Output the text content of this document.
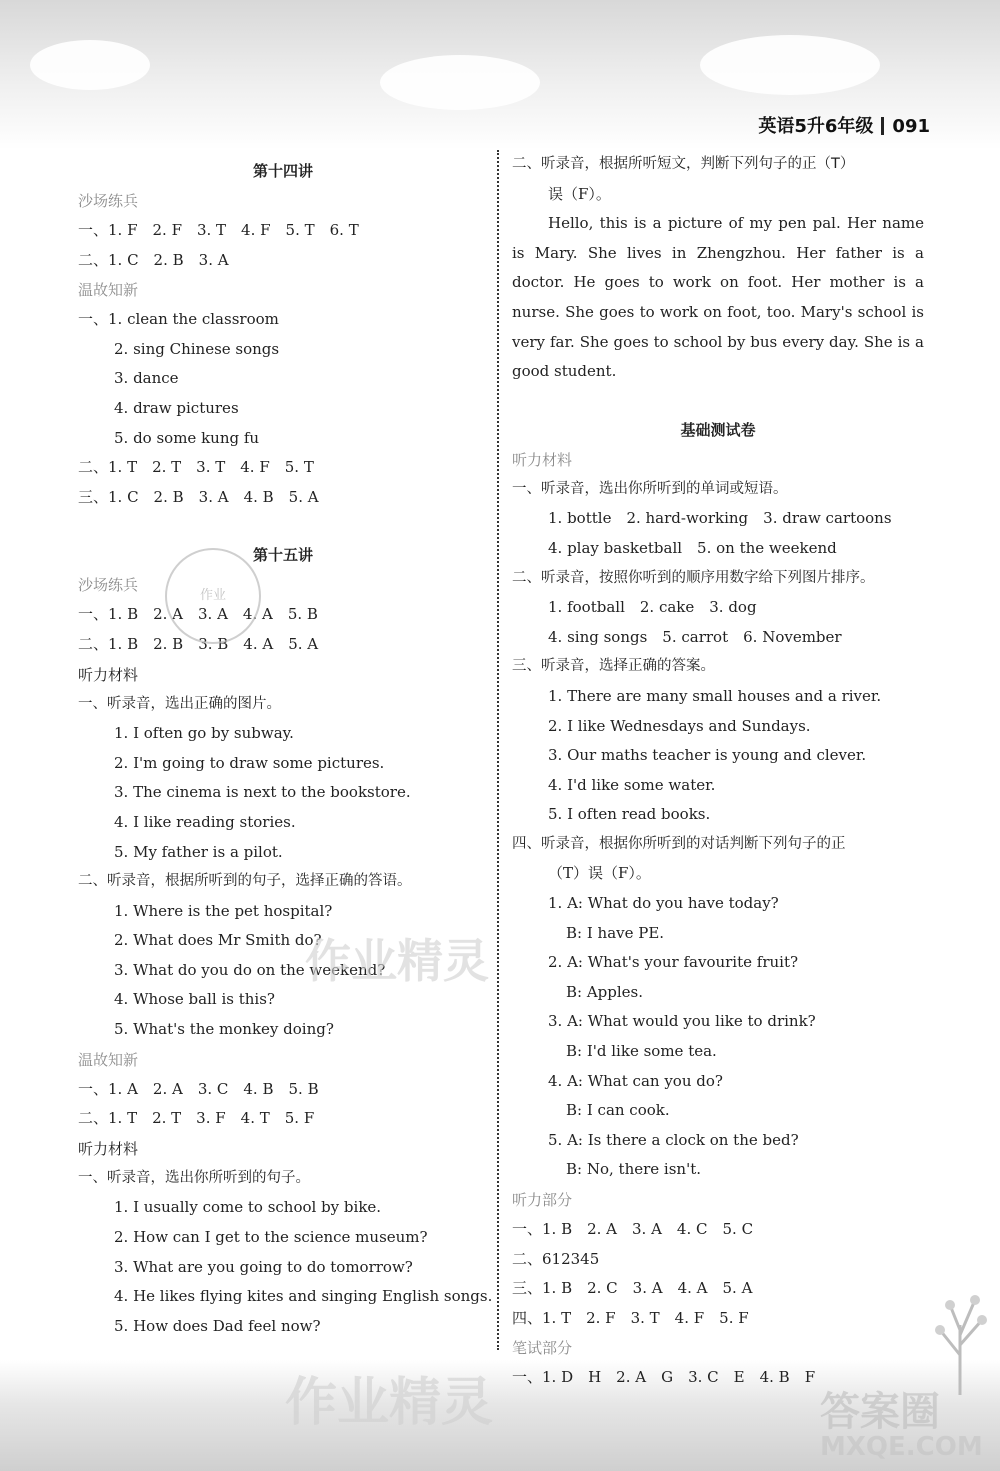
英语5升6年级 091
第十四讲
沙场练兵
一、1. F　2. F　3. T　4. F　5. T　6. T
二、1. C　2. B　3. A
温故知新
一、1. clean the classroom
2. sing Chinese songs
3. dance
4. draw pictures
5. do some kung fu
二、1. T　2. T　3. T　4. F　5. T
三、1. C　2. B　3. A　4. B　5. A
第十五讲
沙场练兵
一、1. B　2. A　3. A　4. A　5. B
二、1. B　2. B　3. B　4. A　5. A
听力材料
一、听录音，选出正确的图片。
1. I often go by subway.
2. I'm going to draw some pictures.
3. The cinema is next to the bookstore.
4. I like reading stories.
5. My father is a pilot.
二、听录音，根据所听到的句子，选择正确的答语。
1. Where is the pet hospital?
2. What does Mr Smith do?
3. What do you do on the weekend?
4. Whose ball is this?
5. What's the monkey doing?
温故知新
一、1. A　2. A　3. C　4. B　5. B
二、1. T　2. T　3. F　4. T　5. F
听力材料
一、听录音，选出你所听到的句子。
1. I usually come to school by bike.
2. How can I get to the science museum?
3. What are you going to do tomorrow?
4. He likes flying kites and singing English songs.
5. How does Dad feel now?
二、听录音，根据所听短文，判断下列句子的正（T）
误（F）。

Hello, this is a picture of my pen pal. Her name is Mary. She lives in Zhengzhou. Her father is a doctor. He goes to work on foot. Her mother is a nurse. She goes to work on foot, too. Mary's school is very far. She goes to school by bus every day. She is a good student.

基础测试卷
听力材料
一、听录音，选出你所听到的单词或短语。
1. bottle　2. hard-working　3. draw cartoons
4. play basketball　5. on the weekend
二、听录音，按照你听到的顺序用数字给下列图片排序。
1. football　2. cake　3. dog
4. sing songs　5. carrot　6. November
三、听录音，选择正确的答案。
1. There are many small houses and a river.
2. I like Wednesdays and Sundays.
3. Our maths teacher is young and clever.
4. I'd like some water.
5. I often read books.
四、听录音，根据你所听到的对话判断下列句子的正
（T）误（F）。
1. A: What do you have today?
B: I have PE.
2. A: What's your favourite fruit?
B: Apples.
3. A: What would you like to drink?
B: I'd like some tea.
4. A: What can you do?
B: I can cook.
5. A: Is there a clock on the bed?
B: No, there isn't.
听力部分
一、1. B　2. A　3. A　4. C　5. C
二、612345
三、1. B　2. C　3. A　4. A　5. A
四、1. T　2. F　3. T　4. F　5. F
笔试部分
一、1. D　H　2. A　G　3. C　E　4. B　F
作业
作业精灵
作业精灵	答案圈
MXQE.COM
